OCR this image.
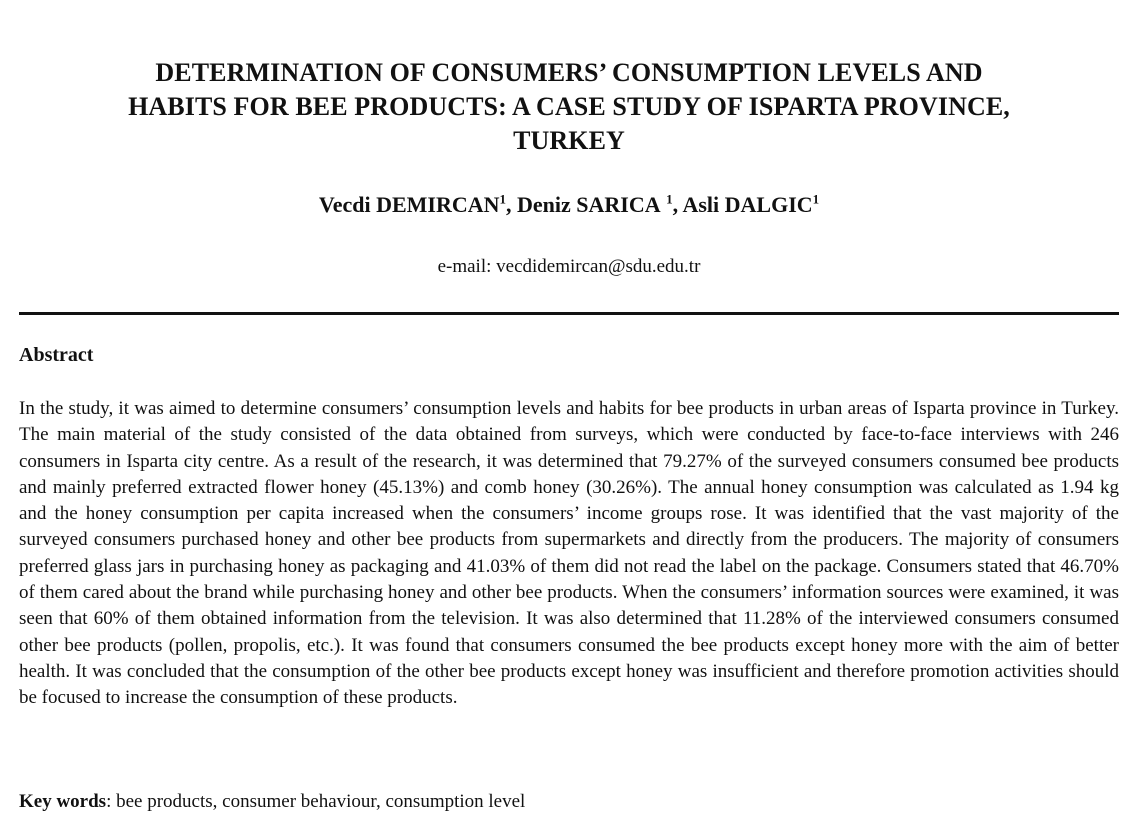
DETERMINATION OF CONSUMERS’ CONSUMPTION LEVELS AND
HABITS FOR BEE PRODUCTS: A CASE STUDY OF ISPARTA PROVINCE,
TURKEY
Vecdi DEMIRCAN$^1$, Deniz SARICA $^1$, Asli DALGIC$^1$
e-mail: vecdidemircan@sdu.edu.tr
Abstract

In the study, it was aimed to determine consumers’ consumption levels and habits for bee products in urban areas of Isparta province in Turkey. The main material of the study consisted of the data obtained from surveys, which were conducted by face-to-face interviews with 246 consumers in Isparta city centre. As a result of the research, it was determined that 79.27% of the surveyed consumers consumed bee products and mainly preferred extracted flower honey (45.13%) and comb honey (30.26%). The annual honey consumption was calculated as 1.94 kg and the honey consumption per capita increased when the consumers’ income groups rose. It was identified that the vast majority of the surveyed consumers purchased honey and other bee products from supermarkets and directly from the producers. The majority of consumers preferred glass jars in purchasing honey as packaging and 41.03% of them did not read the label on the package. Consumers stated that 46.70% of them cared about the brand while purchasing honey and other bee products. When the consumers’ information sources were examined, it was seen that 60% of them obtained information from the television. It was also determined that 11.28% of the interviewed consumers consumed other bee products (pollen, propolis, etc.). It was found that consumers consumed the bee products except honey more with the aim of better health. It was concluded that the consumption of the other bee products except honey was insufficient and therefore promotion activities should be focused to increase the consumption of these products.

Key words: bee products, consumer behaviour, consumption level
